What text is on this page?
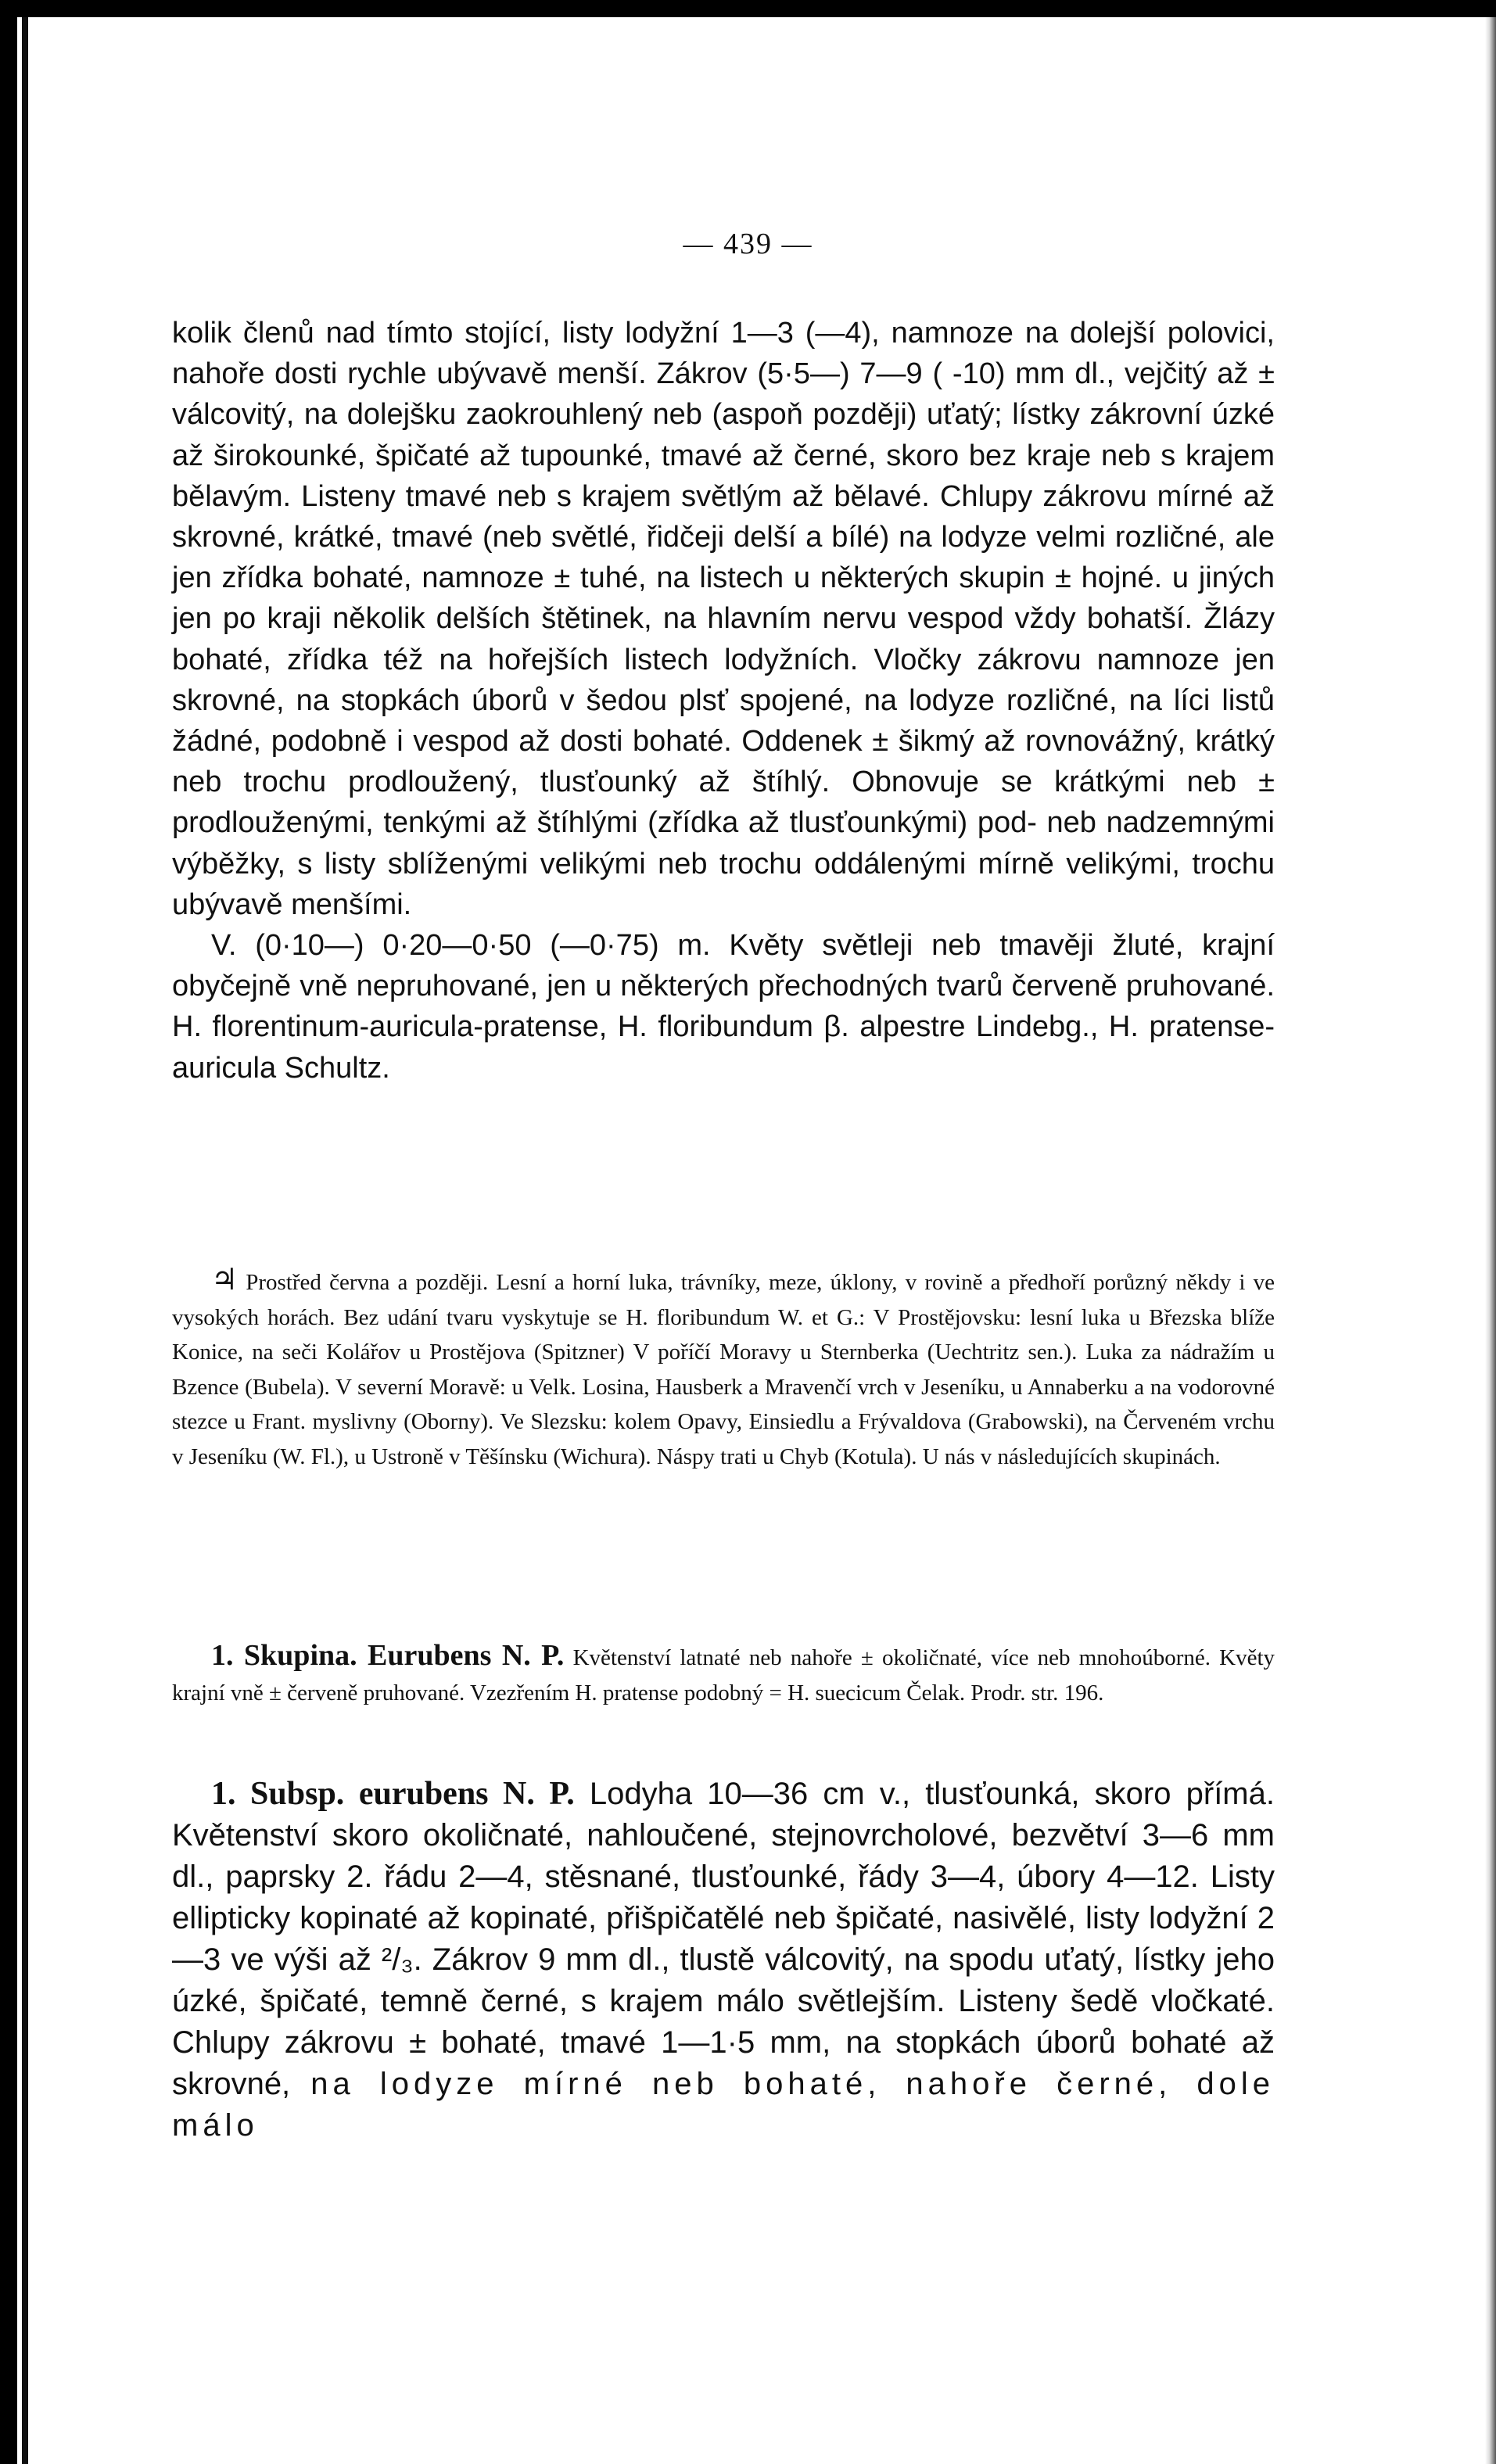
— 439 —

kolik členů nad tímto stojící, listy lodyžní 1—3 (—4), namnoze na dolejší polovici, nahoře dosti rychle ubývavě menší. Zákrov (5·5—) 7—9 ( -10) mm dl., vejčitý až ± válcovitý, na dolejšku zaokrouhlený neb (aspoň později) uťatý; lístky zákrovní úzké až širokounké, špičaté až tupounké, tmavé až černé, skoro bez kraje neb s krajem bělavým. Listeny tmavé neb s krajem světlým až bělavé. Chlupy zákrovu mírné až skrovné, krátké, tmavé (neb světlé, řidčeji delší a bílé) na lodyze velmi rozličné, ale jen zřídka bohaté, namnoze ± tuhé, na listech u některých skupin ± hojné. u jiných jen po kraji několik delších štětinek, na hlavním nervu vespod vždy bohatší. Žlázy bohaté, zřídka též na hořejších listech lodyžních. Vločky zákrovu namnoze jen skrovné, na stopkách úborů v šedou plsť spojené, na lodyze rozličné, na líci listů žádné, podobně i vespod až dosti bohaté. Oddenek ± šikmý až rovnovážný, krátký neb trochu prodloužený, tlusťounký až štíhlý. Obnovuje se krátkými neb ± prodlouženými, tenkými až štíhlými (zřídka až tlusťounkými) pod- neb nadzemnými výběžky, s listy sblíženými velikými neb trochu oddálenými mírně velikými, trochu ubývavě menšími.

V. (0·10—) 0·20—0·50 (—0·75) m. Květy světleji neb tmavěji žluté, krajní obyčejně vně nepruhované, jen u některých přechodných tvarů červeně pruhované. H. florentinum-auricula-pratense, H. floribundum β. alpestre Lindebg., H. pratense-auricula Schultz.

♃ Prostřed června a později. Lesní a horní luka, trávníky, meze, úklony, v rovině a předhoří porůzný někdy i ve vysokých horách. Bez udání tvaru vyskytuje se H. floribundum W. et G.: V Prostějovsku: lesní luka u Březska blíže Konice, na seči Kolářov u Prostějova (Spitzner) V poříčí Moravy u Sternberka (Uechtritz sen.). Luka za nádražím u Bzence (Bubela). V severní Moravě: u Velk. Losina, Hausberk a Mravenčí vrch v Jeseníku, u Annaberku a na vodorovné stezce u Frant. myslivny (Oborny). Ve Slezsku: kolem Opavy, Einsiedlu a Frývaldova (Grabowski), na Červeném vrchu v Jeseníku (W. Fl.), u Ustroně v Těšínsku (Wichura). Náspy trati u Chyb (Kotula). U nás v následujících skupinách.

1. Skupina. Eurubens N. P. Květenství latnaté neb nahoře ± okoličnaté, více neb mnohoúborné. Květy krajní vně ± červeně pruhované. Vzezřením H. pratense podobný = H. suecicum Čelak. Prodr. str. 196.

1. Subsp. eurubens N. P. Lodyha 10—36 cm v., tlusťounká, skoro přímá. Květenství skoro okoličnaté, nahloučené, stejnovrcholové, bezvětví 3—6 mm dl., paprsky 2. řádu 2—4, stěsnané, tlusťounké, řády 3—4, úbory 4—12. Listy ellipticky kopinaté až kopinaté, přišpičatělé neb špičaté, nasivělé, listy lodyžní 2—3 ve výši až ²/₃. Zákrov 9 mm dl., tlustě válcovitý, na spodu uťatý, lístky jeho úzké, špičaté, temně černé, s krajem málo světlejším. Listeny šedě vločkaté. Chlupy zákrovu ± bohaté, tmavé 1—1·5 mm, na stopkách úborů bohaté až skrovné, na lodyze mírné neb bohaté, nahoře černé, dole málo
